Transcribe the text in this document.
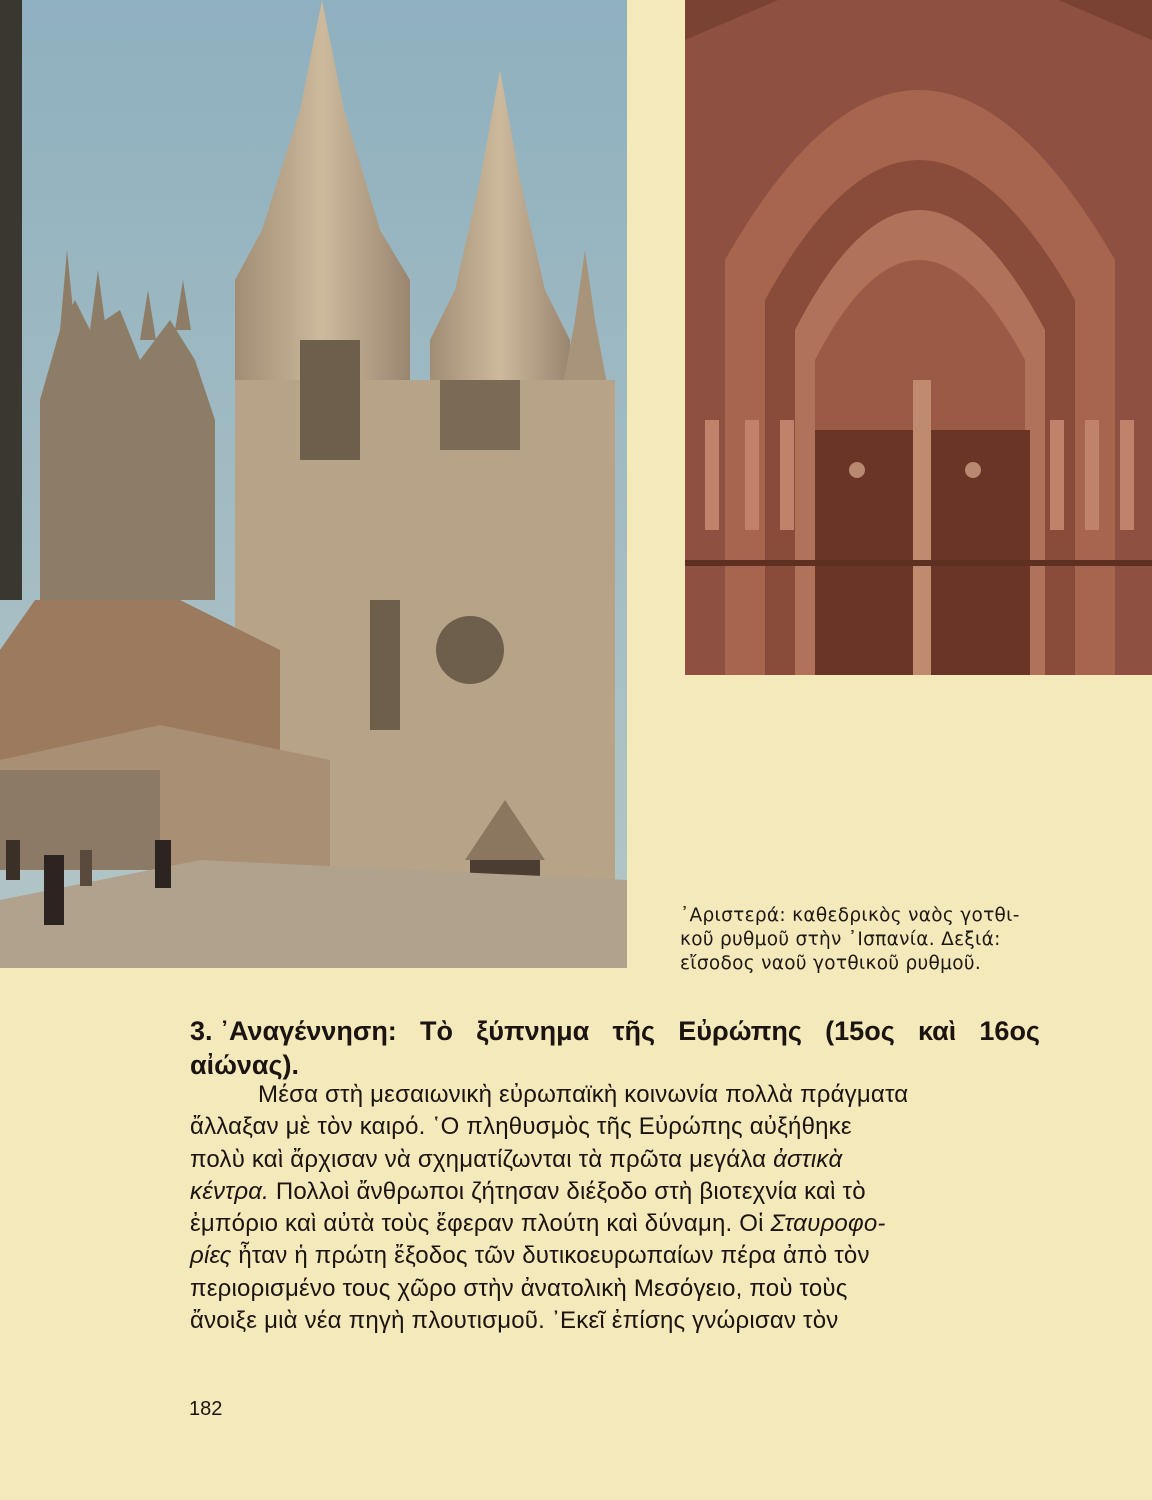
᾿Αριστερά: καθεδρικὸς ναὸς γοτθι-
κοῦ ρυθμοῦ στὴν ᾿Ισπανία. Δεξιά:
εἴσοδος ναοῦ γοτθικοῦ ρυθμοῦ.
3. ᾿Αναγέννηση: Τὸ ξύπνημα τῆς Εὐρώπης (15ος καὶ 16ος
αἰώνας).
Μέσα στὴ μεσαιωνικὴ εὐρωπαϊκὴ κοινωνία πολλὰ πράγματα
ἄλλαξαν μὲ τὸν καιρό. ῾Ο πληθυσμὸς τῆς Εὐρώπης αὐξήθηκε
πολὺ καὶ ἄρχισαν νὰ σχηματίζωνται τὰ πρῶτα μεγάλα ἀστικὰ
κέντρα. Πολλοὶ ἄνθρωποι ζήτησαν διέξοδο στὴ βιοτεχνία καὶ τὸ
ἐμπόριο καὶ αὐτὰ τοὺς ἔφεραν πλούτη καὶ δύναμη. Οἱ Σταυροφο-
ρίες ἦταν ἡ πρώτη ἔξοδος τῶν δυτικοευρωπαίων πέρα ἀπὸ τὸν
περιορισμένο τους χῶρο στὴν ἀνατολικὴ Μεσόγειο, ποὺ τοὺς
ἄνοιξε μιὰ νέα πηγὴ πλουτισμοῦ. ᾿Εκεῖ ἐπίσης γνώρισαν τὸν
182
